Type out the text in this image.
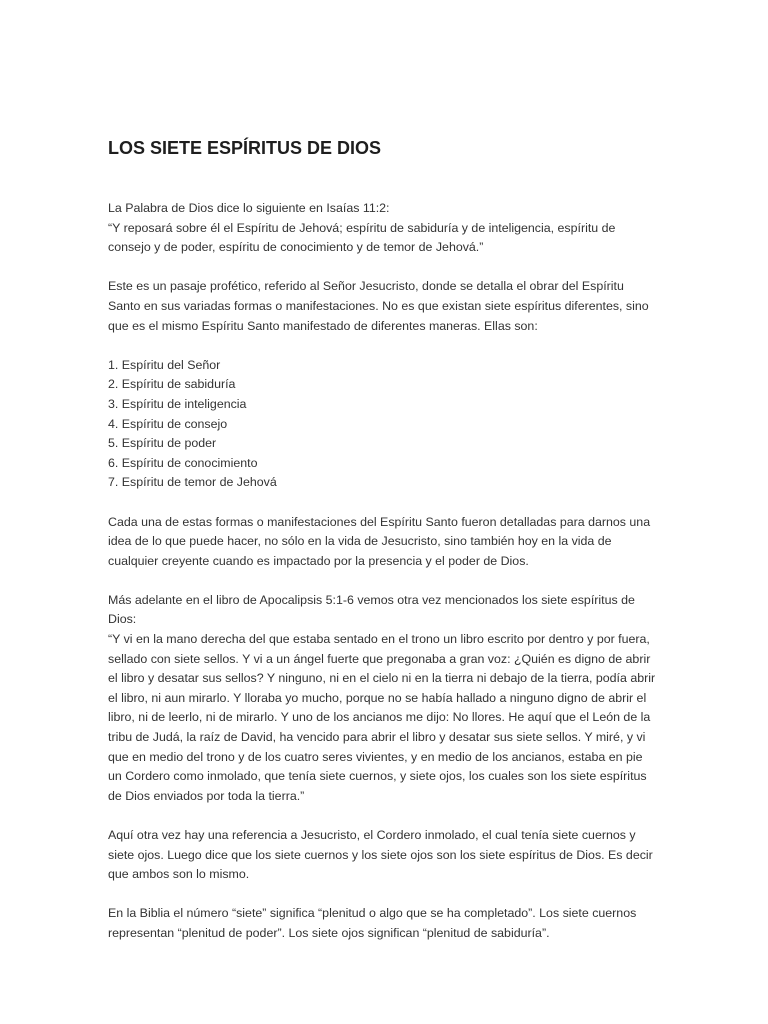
LOS SIETE ESPÍRITUS DE DIOS

La Palabra de Dios dice lo siguiente en Isaías 11:2:
“Y reposará sobre él el Espíritu de Jehová; espíritu de sabiduría y de inteligencia, espíritu de
consejo y de poder, espíritu de conocimiento y de temor de Jehová.”

Este es un pasaje profético, referido al Señor Jesucristo, donde se detalla el obrar del Espíritu
Santo en sus variadas formas o manifestaciones. No es que existan siete espíritus diferentes, sino
que es el mismo Espíritu Santo manifestado de diferentes maneras. Ellas son:

1. Espíritu del Señor
2. Espíritu de sabiduría
3. Espíritu de inteligencia
4. Espíritu de consejo
5. Espíritu de poder
6. Espíritu de conocimiento
7. Espíritu de temor de Jehová

Cada una de estas formas o manifestaciones del Espíritu Santo fueron detalladas para darnos una
idea de lo que puede hacer, no sólo en la vida de Jesucristo, sino también hoy en la vida de
cualquier creyente cuando es impactado por la presencia y el poder de Dios.

Más adelante en el libro de Apocalipsis 5:1-6 vemos otra vez mencionados los siete espíritus de
Dios:
“Y vi en la mano derecha del que estaba sentado en el trono un libro escrito por dentro y por fuera,
sellado con siete sellos. Y vi a un ángel fuerte que pregonaba a gran voz: ¿Quién es digno de abrir
el libro y desatar sus sellos? Y ninguno, ni en el cielo ni en la tierra ni debajo de la tierra, podía abrir
el libro, ni aun mirarlo. Y lloraba yo mucho, porque no se había hallado a ninguno digno de abrir el
libro, ni de leerlo, ni de mirarlo. Y uno de los ancianos me dijo: No llores. He aquí que el León de la
tribu de Judá, la raíz de David, ha vencido para abrir el libro y desatar sus siete sellos. Y miré, y vi
que en medio del trono y de los cuatro seres vivientes, y en medio de los ancianos, estaba en pie
un Cordero como inmolado, que tenía siete cuernos, y siete ojos, los cuales son los siete espíritus
de Dios enviados por toda la tierra.”

Aquí otra vez hay una referencia a Jesucristo, el Cordero inmolado, el cual tenía siete cuernos y
siete ojos. Luego dice que los siete cuernos y los siete ojos son los siete espíritus de Dios. Es decir
que ambos son lo mismo.

En la Biblia el número “siete” significa “plenitud o algo que se ha completado”. Los siete cuernos
representan “plenitud de poder”. Los siete ojos significan “plenitud de sabiduría”.
